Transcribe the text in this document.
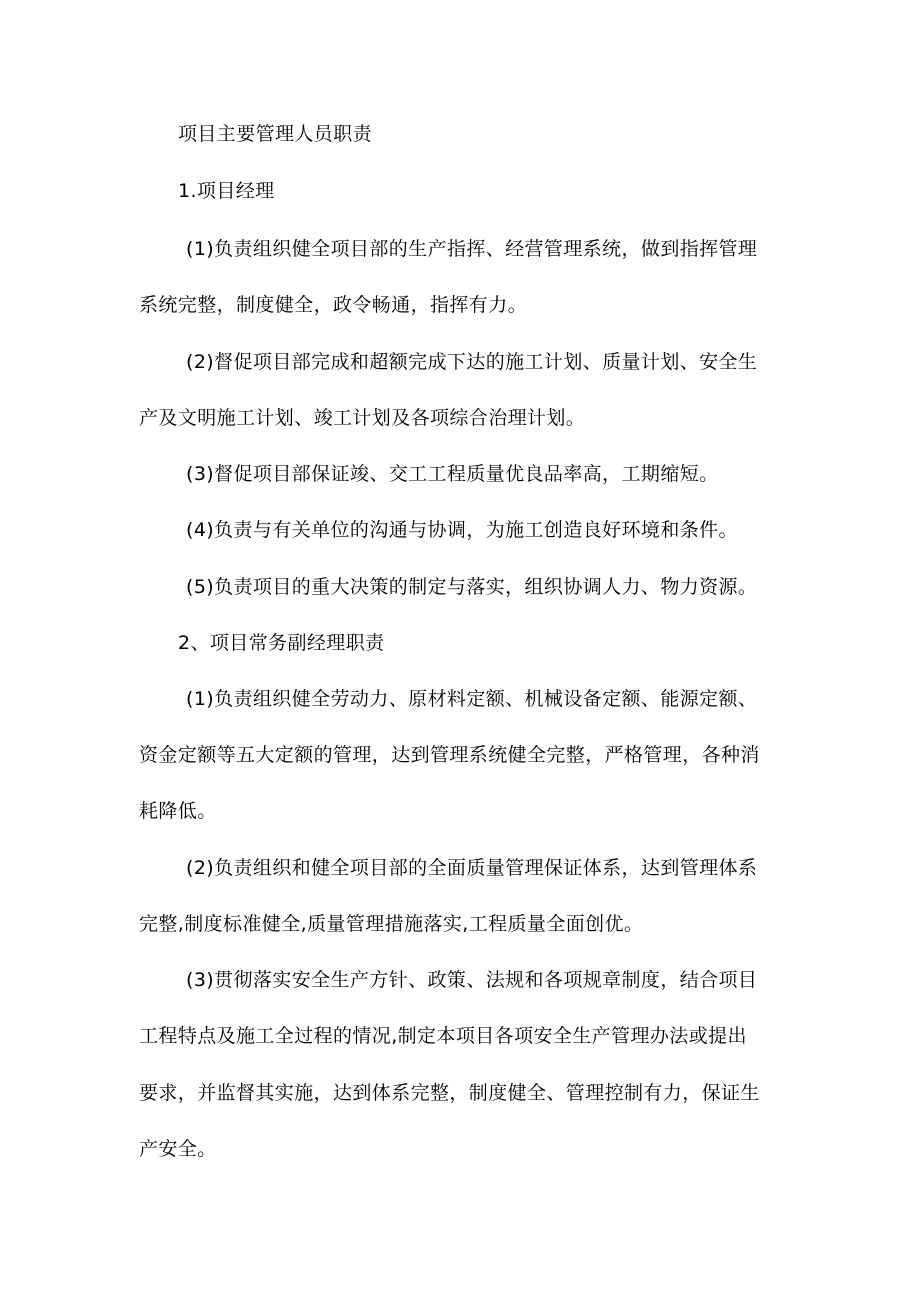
项目主要管理人员职责
1.项目经理
(1)负责组织健全项目部的生产指挥、经营管理系统，做到指挥管理
系统完整，制度健全，政令畅通，指挥有力。
(2)督促项目部完成和超额完成下达的施工计划、质量计划、安全生
产及文明施工计划、竣工计划及各项综合治理计划。
(3)督促项目部保证竣、交工工程质量优良品率高，工期缩短。
(4)负责与有关单位的沟通与协调，为施工创造良好环境和条件。
(5)负责项目的重大决策的制定与落实，组织协调人力、物力资源。
2、项目常务副经理职责
(1)负责组织健全劳动力、原材料定额、机械设备定额、能源定额、
资金定额等五大定额的管理，达到管理系统健全完整，严格管理，各种消
耗降低。
(2)负责组织和健全项目部的全面质量管理保证体系，达到管理体系
完整,制度标准健全,质量管理措施落实,工程质量全面创优。
(3)贯彻落实安全生产方针、政策、法规和各项规章制度，结合项目
工程特点及施工全过程的情况,制定本项目各项安全生产管理办法或提出
要求，并监督其实施，达到体系完整，制度健全、管理控制有力，保证生
产安全。
